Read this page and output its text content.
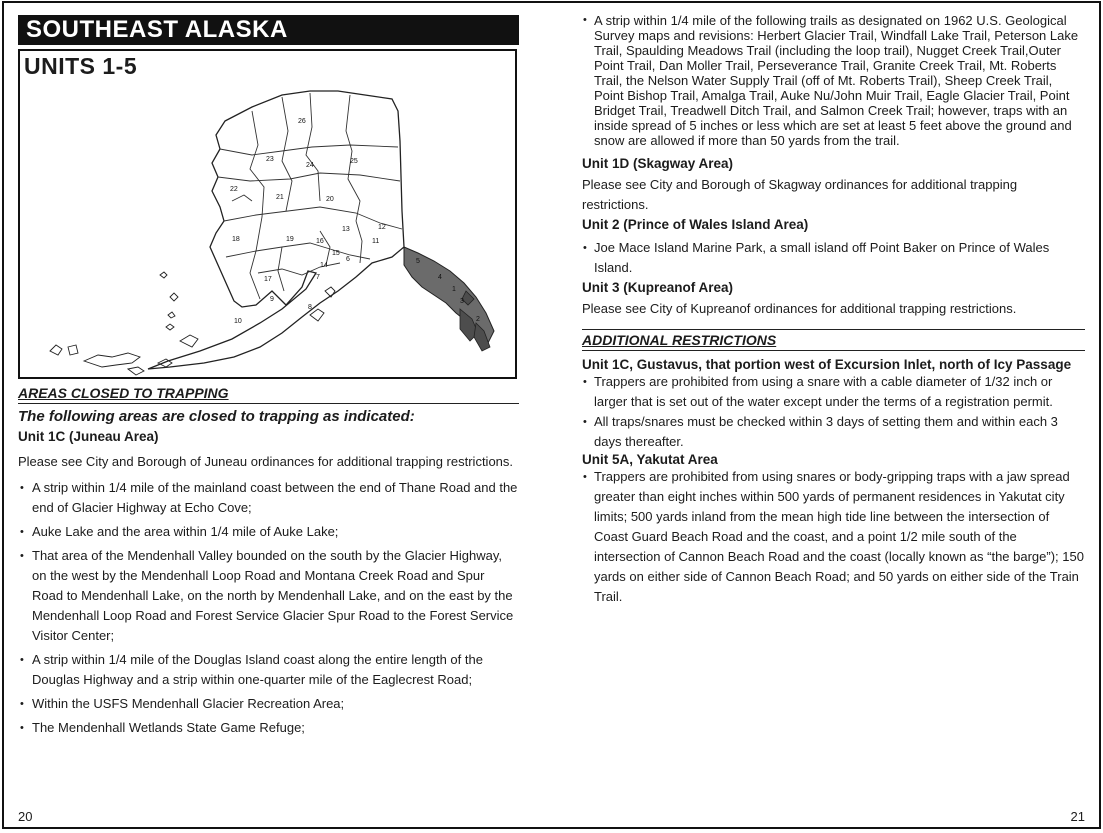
SOUTHEAST ALASKA
UNITS 1-5
26
23
24
25
22
21	20
12
18	19	16
13
11
15
14
7
6
17
9
10
8
5
4
3
2
1
AREAS CLOSED TO TRAPPING
The following areas are closed to trapping as indicated:
Unit 1C (Juneau Area)
Please see City and Borough of Juneau ordinances for additional trapping restrictions.
• A strip within 1/4 mile of the mainland coast between the end of Thane Road and the end of Glacier Highway at Echo Cove;
• Auke Lake and the area within 1/4 mile of Auke Lake;
• That area of the Mendenhall Valley bounded on the south by the Glacier Highway, on the west by the Mendenhall Loop Road and Montana Creek Road and Spur Road to Mendenhall Lake, on the north by Mendenhall Lake, and on the east by the Mendenhall Loop Road and Forest Service Glacier Spur Road to the Forest Service Visitor Center;
• A strip within 1/4 mile of the Douglas Island coast along the entire length of the Douglas Highway and a strip within one-quarter mile of the Eaglecrest Road;
• Within the USFS Mendenhall Glacier Recreation Area;
• The Mendenhall Wetlands State Game Refuge;
20
• A strip within 1/4 mile of the following trails as designated on 1962 U.S. Geological Survey maps and revisions: Herbert Glacier Trail, Windfall Lake Trail, Peterson Lake Trail, Spaulding Meadows Trail (including the loop trail), Nugget Creek Trail,Outer Point Trail, Dan Moller Trail, Perseverance Trail, Granite Creek Trail, Mt. Roberts Trail, the Nelson Water Supply Trail (off of Mt. Roberts Trail), Sheep Creek Trail, Point Bishop Trail, Amalga Trail, Auke Nu/John Muir Trail, Eagle Glacier Trail, Point Bridget Trail, Treadwell Ditch Trail, and Salmon Creek Trail; however, traps with an inside spread of 5 inches or less which are set at least 5 feet above the ground and snow are allowed if more than 50 yards from the trail.
Unit 1D (Skagway Area)
Please see City and Borough of Skagway ordinances for additional trapping restrictions.
Unit 2 (Prince of Wales Island Area)
• Joe Mace Island Marine Park, a small island off Point Baker on Prince of Wales Island.
Unit 3 (Kupreanof Area)
Please see City of Kupreanof ordinances for additional trapping restrictions.
ADDITIONAL RESTRICTIONS
Unit 1C, Gustavus, that portion west of Excursion Inlet, north of Icy Passage
• Trappers are prohibited from using a snare with a cable diameter of 1/32 inch or larger that is set out of the water except under the terms of a registration permit.
• All traps/snares must be checked within 3 days of setting them and within each 3 days thereafter.
Unit 5A, Yakutat Area
• Trappers are prohibited from using snares or body-gripping traps with a jaw spread greater than eight inches within 500 yards of permanent residences in Yakutat city limits; 500 yards inland from the mean high tide line between the intersection of Coast Guard Beach Road and the coast, and a point 1/2 mile south of the intersection of Cannon Beach Road and the coast (locally known as “the barge”); 150 yards on either side of Cannon Beach Road; and 50 yards on either side of the Train Trail.
21
